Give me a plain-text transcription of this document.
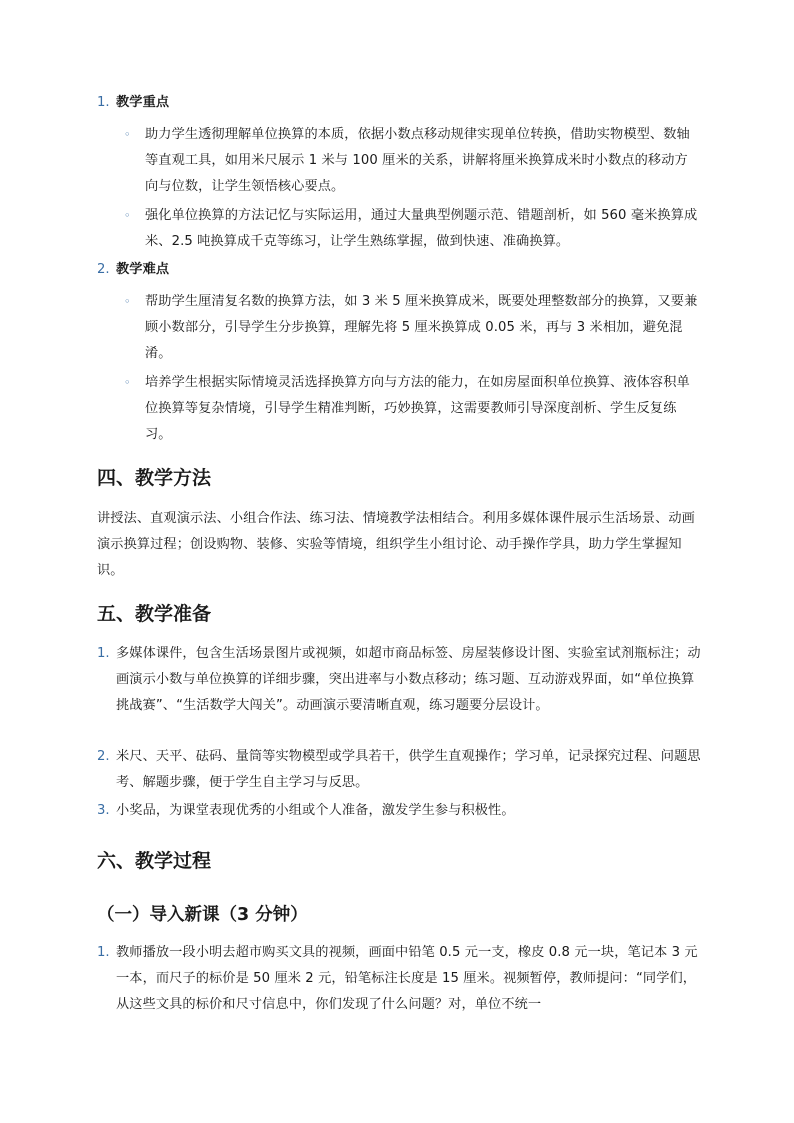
1. 教学重点
◦ 助力学生透彻理解单位换算的本质，依据小数点移动规律实现单位转换，借助实物模型、数轴等直观工具，如用米尺展示 1 米与 100 厘米的关系，讲解将厘米换算成米时小数点的移动方向与位数，让学生领悟核心要点。
◦ 强化单位换算的方法记忆与实际运用，通过大量典型例题示范、错题剖析，如 560 毫米换算成米、2.5 吨换算成千克等练习，让学生熟练掌握，做到快速、准确换算。
2. 教学难点
◦ 帮助学生厘清复名数的换算方法，如 3 米 5 厘米换算成米，既要处理整数部分的换算，又要兼顾小数部分，引导学生分步换算，理解先将 5 厘米换算成 0.05 米，再与 3 米相加，避免混淆。
◦ 培养学生根据实际情境灵活选择换算方向与方法的能力，在如房屋面积单位换算、液体容积单位换算等复杂情境，引导学生精准判断，巧妙换算，这需要教师引导深度剖析、学生反复练习。
四、教学方法
讲授法、直观演示法、小组合作法、练习法、情境教学法相结合。利用多媒体课件展示生活场景、动画演示换算过程；创设购物、装修、实验等情境，组织学生小组讨论、动手操作学具，助力学生掌握知识。
五、教学准备
1. 多媒体课件，包含生活场景图片或视频，如超市商品标签、房屋装修设计图、实验室试剂瓶标注；动画演示小数与单位换算的详细步骤，突出进率与小数点移动；练习题、互动游戏界面，如“单位换算挑战赛”、“生活数学大闯关”。动画演示要清晰直观，练习题要分层设计。
2. 米尺、天平、砝码、量筒等实物模型或学具若干，供学生直观操作；学习单，记录探究过程、问题思考、解题步骤，便于学生自主学习与反思。
3. 小奖品，为课堂表现优秀的小组或个人准备，激发学生参与积极性。
六、教学过程
（一）导入新课（3 分钟）
1. 教师播放一段小明去超市购买文具的视频，画面中铅笔 0.5 元一支，橡皮 0.8 元一块，笔记本 3 元一本，而尺子的标价是 50 厘米 2 元，铅笔标注长度是 15 厘米。视频暂停，教师提问：“同学们，从这些文具的标价和尺寸信息中，你们发现了什么问题？对，单位不统一
